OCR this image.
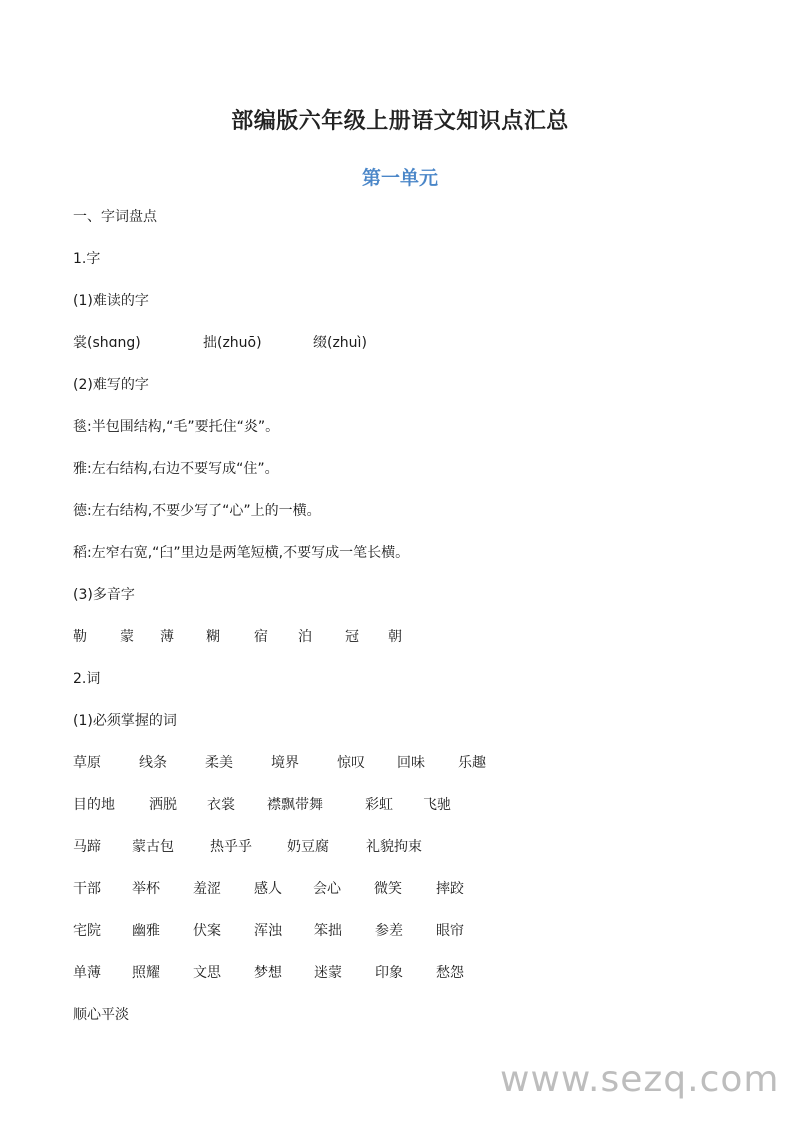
部编版六年级上册语文知识点汇总
第一单元
一、字词盘点
1.字
(1)难读的字
裳(shɑng)	拙(zhuō)	缀(zhuì)
(2)难写的字
毯:半包围结构,“毛”要托住“炎”。
雅:左右结构,右边不要写成“住”。
德:左右结构,不要少写了“心”上的一横。
稻:左窄右宽,“臼”里边是两笔短横,不要写成一笔长横。
(3)多音字
勒	蒙	薄	糊	宿	泊	冠	朝
2.词
(1)必须掌握的词
草原	线条	柔美	境界	惊叹	回味	乐趣
目的地	洒脱	衣裳	襟飘带舞	彩虹	飞驰
马蹄	蒙古包	热乎乎	奶豆腐	礼貌拘束
干部	举杯	羞涩	感人	会心	微笑	摔跤
宅院	幽雅	伏案	浑浊	笨拙	参差	眼帘
单薄	照耀	文思	梦想	迷蒙	印象	愁怨
顺心平淡
www.sezq.com
